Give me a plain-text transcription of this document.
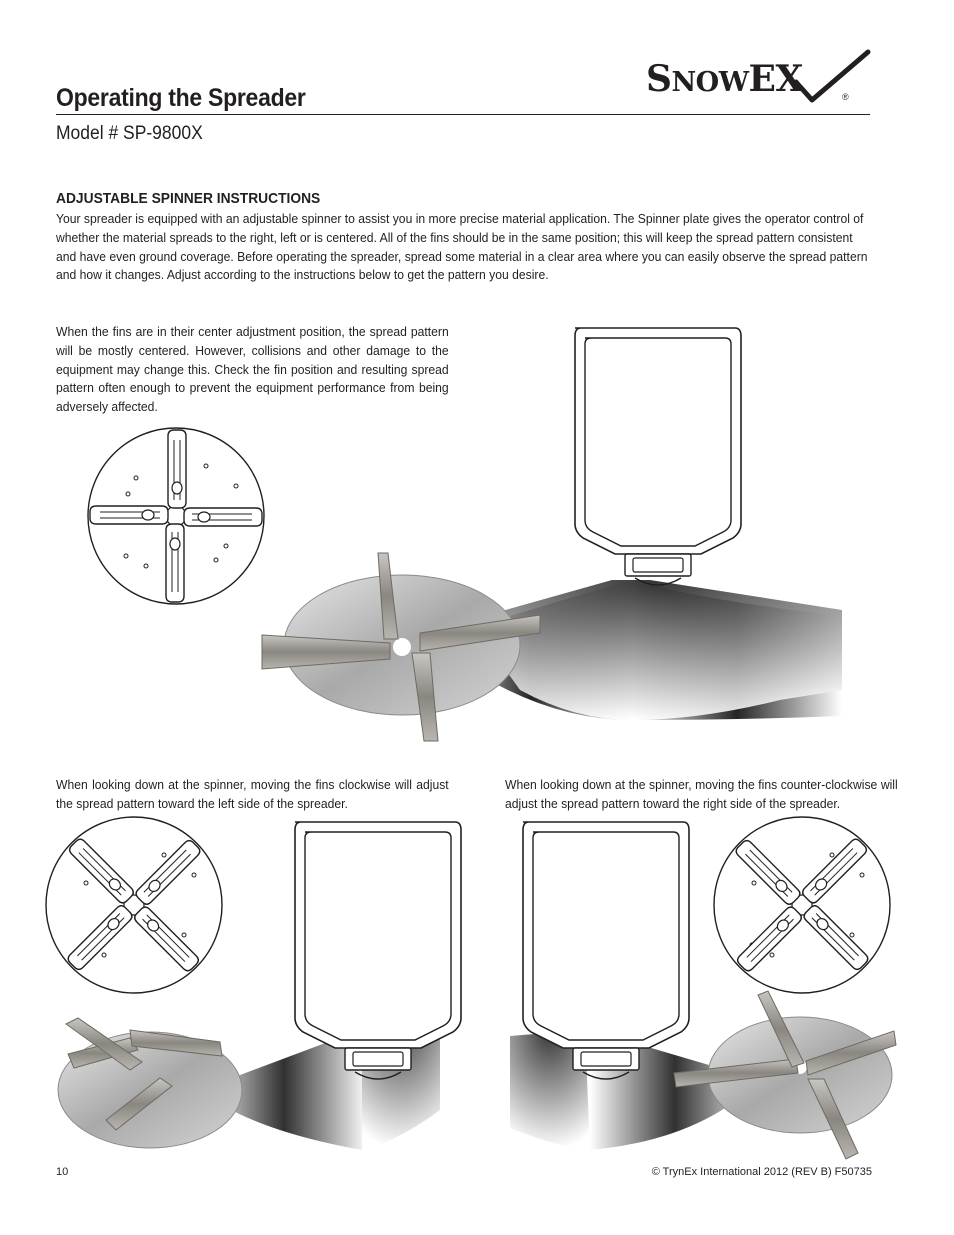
Operating the Spreader	SNOWEX	®
Model # SP-9800X
ADJUSTABLE SPINNER INSTRUCTIONS
Your spreader is equipped with an adjustable spinner to assist you in more precise material application. The Spinner plate gives the operator control of whether the material spreads to the right, left or is centered. All of the fins should be in the same position; this will keep the spread pattern consistent and have even ground coverage. Before operating the spreader, spread some material in a clear area where you can easily observe the spread pattern and how it changes. Adjust according to the instructions below to get the pattern you desire.
When the fins are in their center adjustment position, the spread pattern will be mostly centered. However, collisions and other damage to the equipment may change this. Check the fin position and resulting spread pattern often enough to prevent the equipment performance from being adversely affected.
When looking down at the spinner, moving the fins clockwise will adjust the spread pattern toward the left side of the spreader.
When looking down at the spinner, moving the fins counter-clockwise will adjust the spread pattern toward the right side of the spreader.
10	© TrynEx International 2012 (REV B) F50735
